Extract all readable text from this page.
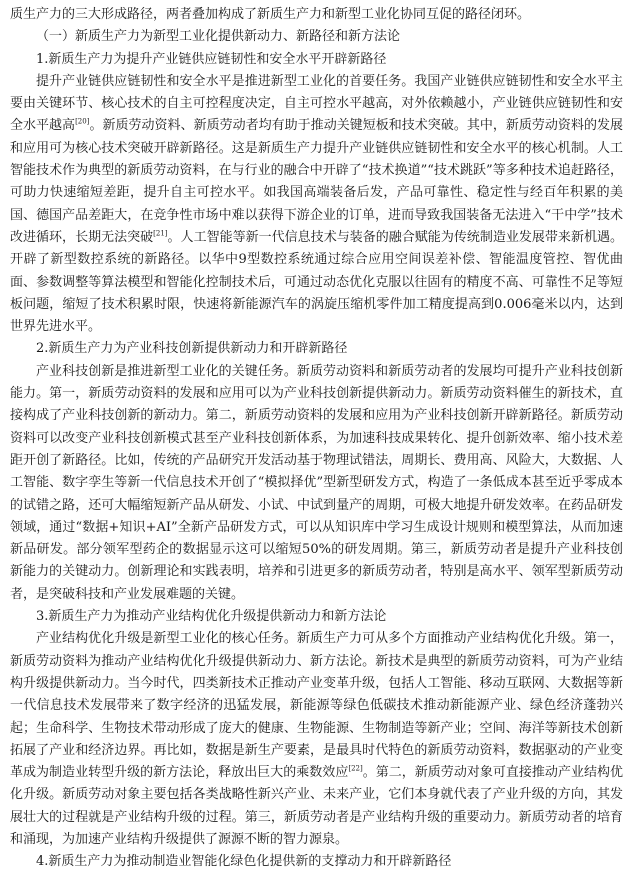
质生产力的三大形成路径，两者叠加构成了新质生产力和新型工业化协同互促的路径闭环。

（一）新质生产力为新型工业化提供新动力、新路径和新方法论

1.新质生产力为提升产业链供应链韧性和安全水平开辟新路径

提升产业链供应链韧性和安全水平是推进新型工业化的首要任务。我国产业链供应链韧性和安全水平主要由关键环节、核心技术的自主可控程度决定，自主可控水平越高，对外依赖越小，产业链供应链韧性和安全水平越高[20]。新质劳动资料、新质劳动者均有助于推动关键短板和技术突破。其中，新质劳动资料的发展和应用可为核心技术突破开辟新路径。这是新质生产力提升产业链供应链韧性和安全水平的核心机制。人工智能技术作为典型的新质劳动资料，在与行业的融合中开辟了“技术换道”“技术跳跃”等多种技术追赶路径，可助力快速缩短差距，提升自主可控水平。如我国高端装备后发，产品可靠性、稳定性与经百年积累的美国、德国产品差距大，在竞争性市场中难以获得下游企业的订单，进而导致我国装备无法进入“干中学”技术改进循环，长期无法突破[21]。人工智能等新一代信息技术与装备的融合赋能为传统制造业发展带来新机遇。开辟了新型数控系统的新路径。以华中9型数控系统通过综合应用空间误差补偿、智能温度管控、智优曲面、参数调整等算法模型和智能化控制技术后，可通过动态优化克服以往固有的精度不高、可靠性不足等短板问题，缩短了技术积累时限，快速将新能源汽车的涡旋压缩机零件加工精度提高到0.006毫米以内，达到世界先进水平。

2.新质生产力为产业科技创新提供新动力和开辟新路径

产业科技创新是推进新型工业化的关键任务。新质劳动资料和新质劳动者的发展均可提升产业科技创新能力。第一，新质劳动资料的发展和应用可以为产业科技创新提供新动力。新质劳动资料催生的新技术，直接构成了产业科技创新的新动力。第二，新质劳动资料的发展和应用为产业科技创新开辟新路径。新质劳动资料可以改变产业科技创新模式甚至产业科技创新体系，为加速科技成果转化、提升创新效率、缩小技术差距开创了新路径。比如，传统的产品研究开发活动基于物理试错法，周期长、费用高、风险大，大数据、人工智能、数字孪生等新一代信息技术开创了“模拟择优”型新型研发方式，构造了一条低成本甚至近乎零成本的试错之路，还可大幅缩短新产品从研发、小试、中试到量产的周期，可极大地提升研发效率。在药品研发领域，通过“数据+知识+AI”全新产品研发方式，可以从知识库中学习生成设计规则和模型算法，从而加速新品研发。部分领军型药企的数据显示这可以缩短50%的研发周期。第三，新质劳动者是提升产业科技创新能力的关键动力。创新理论和实践表明，培养和引进更多的新质劳动者，特别是高水平、领军型新质劳动者，是突破科技和产业发展难题的关键。

3.新质生产力为推动产业结构优化升级提供新动力和新方法论

产业结构优化升级是新型工业化的核心任务。新质生产力可从多个方面推动产业结构优化升级。第一，新质劳动资料为推动产业结构优化升级提供新动力、新方法论。新技术是典型的新质劳动资料，可为产业结构升级提供新动力。当今时代，四类新技术正推动产业变革升级，包括人工智能、移动互联网、大数据等新一代信息技术发展带来了数字经济的迅猛发展，新能源等绿色低碳技术推动新能源产业、绿色经济蓬勃兴起；生命科学、生物技术带动形成了庞大的健康、生物能源、生物制造等新产业；空间、海洋等新技术创新拓展了产业和经济边界。再比如，数据是新生产要素，是最具时代特色的新质劳动资料，数据驱动的产业变革成为制造业转型升级的新方法论，释放出巨大的乘数效应[22]。第二，新质劳动对象可直接推动产业结构优化升级。新质劳动对象主要包括各类战略性新兴产业、未来产业，它们本身就代表了产业升级的方向，其发展壮大的过程就是产业结构升级的过程。第三，新质劳动者是产业结构升级的重要动力。新质劳动者的培育和涌现，为加速产业结构升级提供了源源不断的智力源泉。

4.新质生产力为推动制造业智能化绿色化提供新的支撑动力和开辟新路径
